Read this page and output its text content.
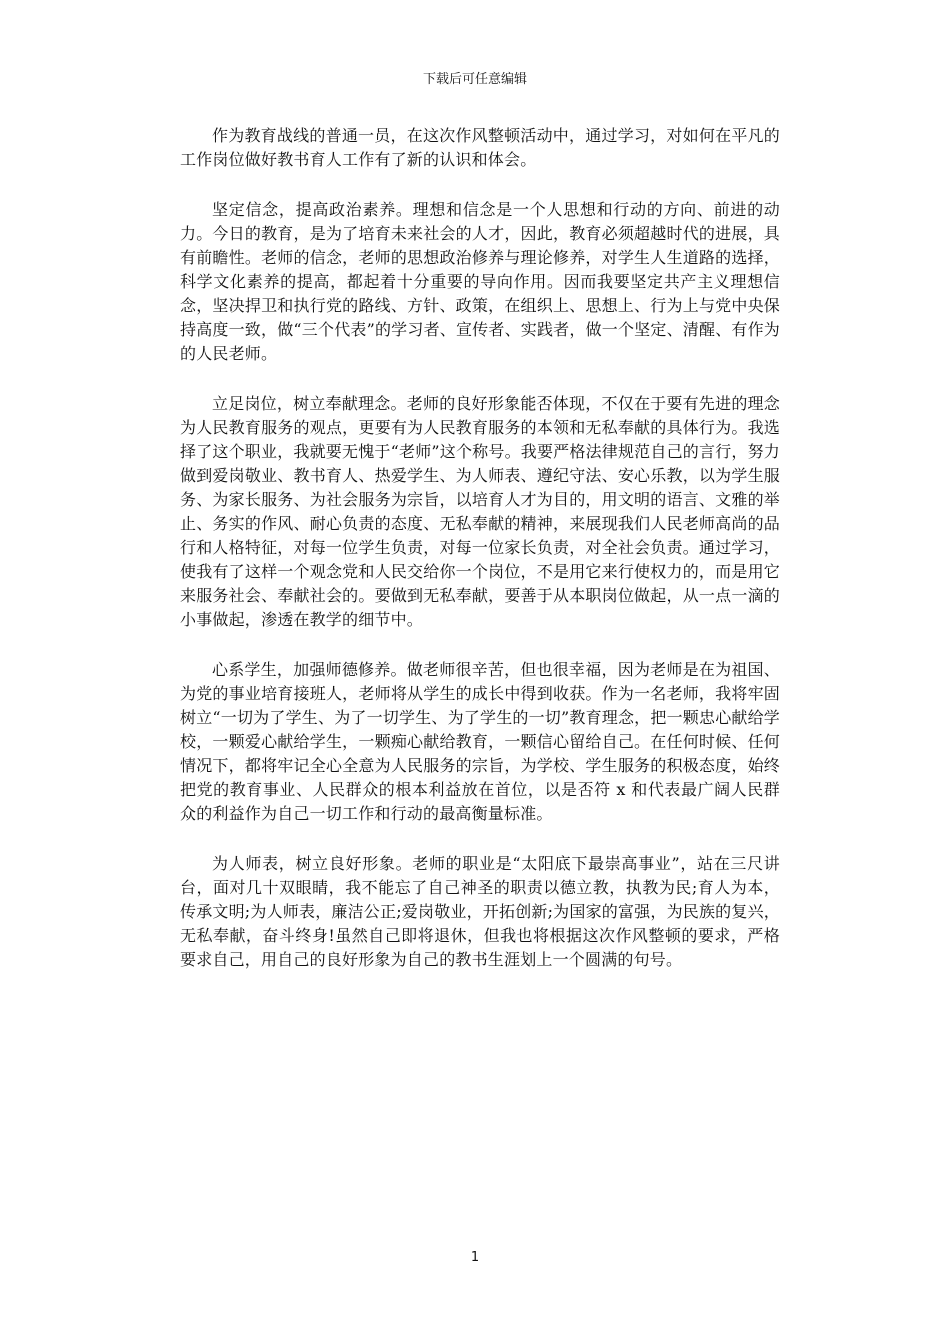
下载后可任意编辑

作为教育战线的普通一员，在这次作风整顿活动中，通过学习，对如何在平凡的工作岗位做好教书育人工作有了新的认识和体会。

坚定信念，提高政治素养。理想和信念是一个人思想和行动的方向、前进的动力。今日的教育，是为了培育未来社会的人才，因此，教育必须超越时代的进展，具有前瞻性。老师的信念，老师的思想政治修养与理论修养，对学生人生道路的选择，科学文化素养的提高，都起着十分重要的导向作用。因而我要坚定共产主义理想信念，坚决捍卫和执行党的路线、方针、政策，在组织上、思想上、行为上与党中央保持高度一致，做“三个代表”的学习者、宣传者、实践者，做一个坚定、清醒、有作为的人民老师。

立足岗位，树立奉献理念。老师的良好形象能否体现，不仅在于要有先进的理念为人民教育服务的观点，更要有为人民教育服务的本领和无私奉献的具体行为。我选择了这个职业，我就要无愧于“老师”这个称号。我要严格法律规范自己的言行，努力做到爱岗敬业、教书育人、热爱学生、为人师表、遵纪守法、安心乐教，以为学生服务、为家长服务、为社会服务为宗旨，以培育人才为目的，用文明的语言、文雅的举止、务实的作风、耐心负责的态度、无私奉献的精神，来展现我们人民老师高尚的品行和人格特征，对每一位学生负责，对每一位家长负责，对全社会负责。通过学习，使我有了这样一个观念党和人民交给你一个岗位，不是用它来行使权力的，而是用它来服务社会、奉献社会的。要做到无私奉献，要善于从本职岗位做起，从一点一滴的小事做起，渗透在教学的细节中。

心系学生，加强师德修养。做老师很辛苦，但也很幸福，因为老师是在为祖国、为党的事业培育接班人，老师将从学生的成长中得到收获。作为一名老师，我将牢固树立“一切为了学生、为了一切学生、为了学生的一切”教育理念，把一颗忠心献给学校，一颗爱心献给学生，一颗痴心献给教育，一颗信心留给自己。在任何时候、任何情况下，都将牢记全心全意为人民服务的宗旨，为学校、学生服务的积极态度，始终把党的教育事业、人民群众的根本利益放在首位，以是否符 x 和代表最广阔人民群众的利益作为自己一切工作和行动的最高衡量标准。

为人师表，树立良好形象。老师的职业是“太阳底下最崇高事业”，站在三尺讲台，面对几十双眼睛，我不能忘了自己神圣的职责以德立教，执教为民;育人为本，传承文明;为人师表，廉洁公正;爱岗敬业，开拓创新;为国家的富强，为民族的复兴，无私奉献，奋斗终身!虽然自己即将退休，但我也将根据这次作风整顿的要求，严格要求自己，用自己的良好形象为自己的教书生涯划上一个圆满的句号。

1
